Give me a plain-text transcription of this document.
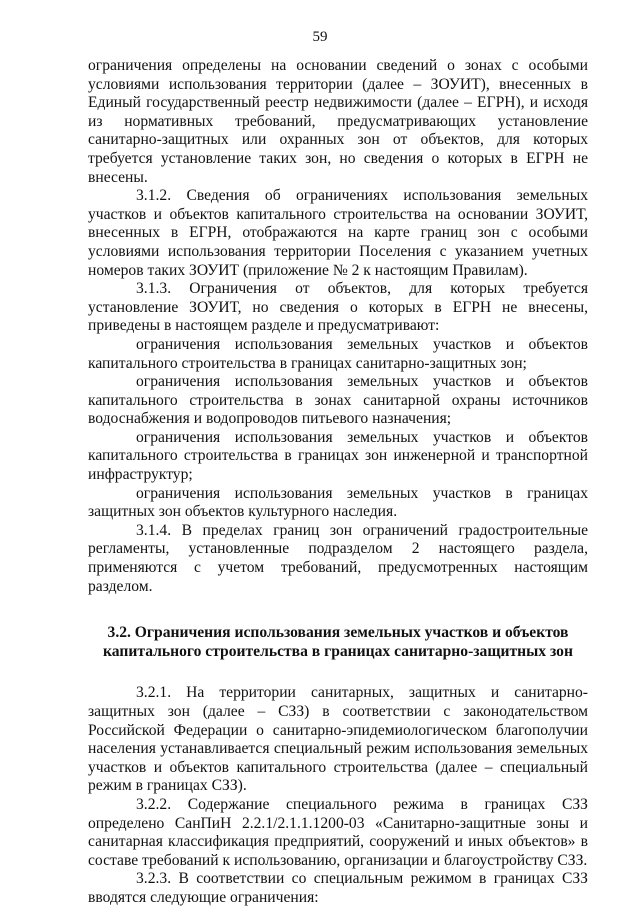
59

ограничения определены на основании сведений о зонах с особыми условиями использования территории (далее – ЗОУИТ), внесенных в Единый государственный реестр недвижимости (далее – ЕГРН), и исходя из нормативных требований, предусматривающих установление санитарно-защитных или охранных зон от объектов, для которых требуется установление таких зон, но сведения о которых в ЕГРН не внесены.

3.1.2. Сведения об ограничениях использования земельных участков и объектов капитального строительства на основании ЗОУИТ, внесенных в ЕГРН, отображаются на карте границ зон с особыми условиями использования территории Поселения с указанием учетных номеров таких ЗОУИТ (приложение № 2 к настоящим Правилам).

3.1.3. Ограничения от объектов, для которых требуется установление ЗОУИТ, но сведения о которых в ЕГРН не внесены, приведены в настоящем разделе и предусматривают:

ограничения использования земельных участков и объектов капитального строительства в границах санитарно-защитных зон;

ограничения использования земельных участков и объектов капитального строительства в зонах санитарной охраны источников водоснабжения и водопроводов питьевого назначения;

ограничения использования земельных участков и объектов капитального строительства в границах зон инженерной и транспортной инфраструктур;

ограничения использования земельных участков в границах защитных зон объектов культурного наследия.

3.1.4. В пределах границ зон ограничений градостроительные регламенты, установленные подразделом 2 настоящего раздела, применяются с учетом требований, предусмотренных настоящим разделом.

3.2. Ограничения использования земельных участков и объектов капитального строительства в границах санитарно-защитных зон

3.2.1. На территории санитарных, защитных и санитарно-защитных зон (далее – СЗЗ) в соответствии с законодательством Российской Федерации о санитарно-эпидемиологическом благополучии населения устанавливается специальный режим использования земельных участков и объектов капитального строительства (далее – специальный режим в границах СЗЗ).

3.2.2. Содержание специального режима в границах СЗЗ определено СанПиН 2.2.1/2.1.1.1200-03 «Санитарно-защитные зоны и санитарная классификация предприятий, сооружений и иных объектов» в составе требований к использованию, организации и благоустройству СЗЗ.

3.2.3. В соответствии со специальным режимом в границах СЗЗ вводятся следующие ограничения:
